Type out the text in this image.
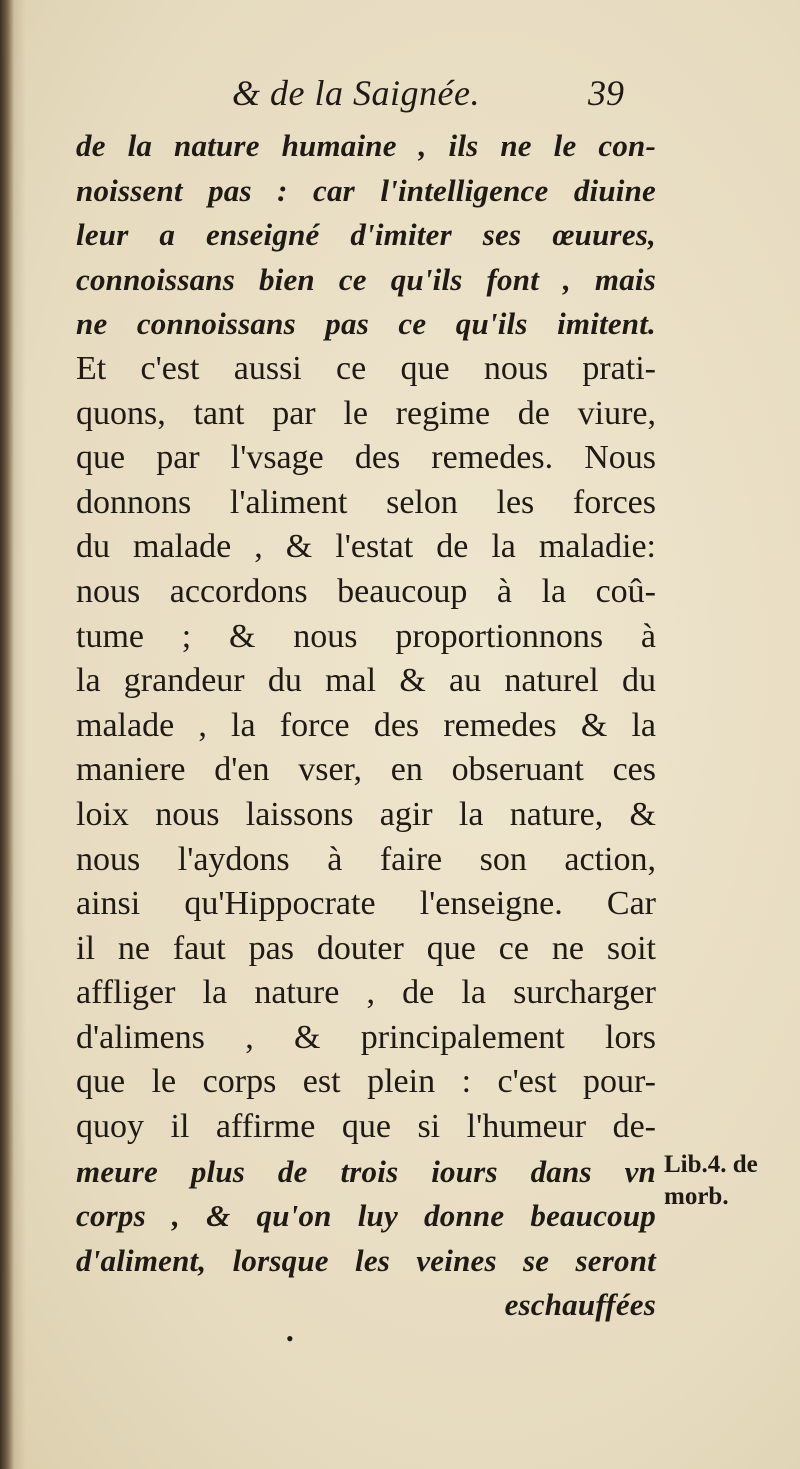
& de la Saignée.	39
de la nature humaine , ils ne le con-
noissent pas : car l'intelligence diuine
leur a enseigné d'imiter ses œuures,
connoissans bien ce qu'ils font , mais
ne connoissans pas ce qu'ils imitent.
Et c'est aussi ce que nous prati-
quons, tant par le regime de viure,
que par l'vsage des remedes. Nous
donnons l'aliment selon les forces
du malade , & l'estat de la maladie:
nous accordons beaucoup à la coû-
tume ; & nous proportionnons à
la grandeur du mal & au naturel du
malade , la force des remedes & la
maniere d'en vser, en obseruant ces
loix nous laissons agir la nature, &
nous l'aydons à faire son action,
ainsi qu'Hippocrate l'enseigne. Car
il ne faut pas douter que ce ne soit
affliger la nature , de la surcharger
d'alimens , & principalement lors
que le corps est plein : c'est pour-
quoy il affirme que si l'humeur de-
meure plus de trois iours dans vn
corps , & qu'on luy donne beaucoup
d'aliment, lorsque les veines se seront
eschauffées
Lib.4. de
morb.
•
